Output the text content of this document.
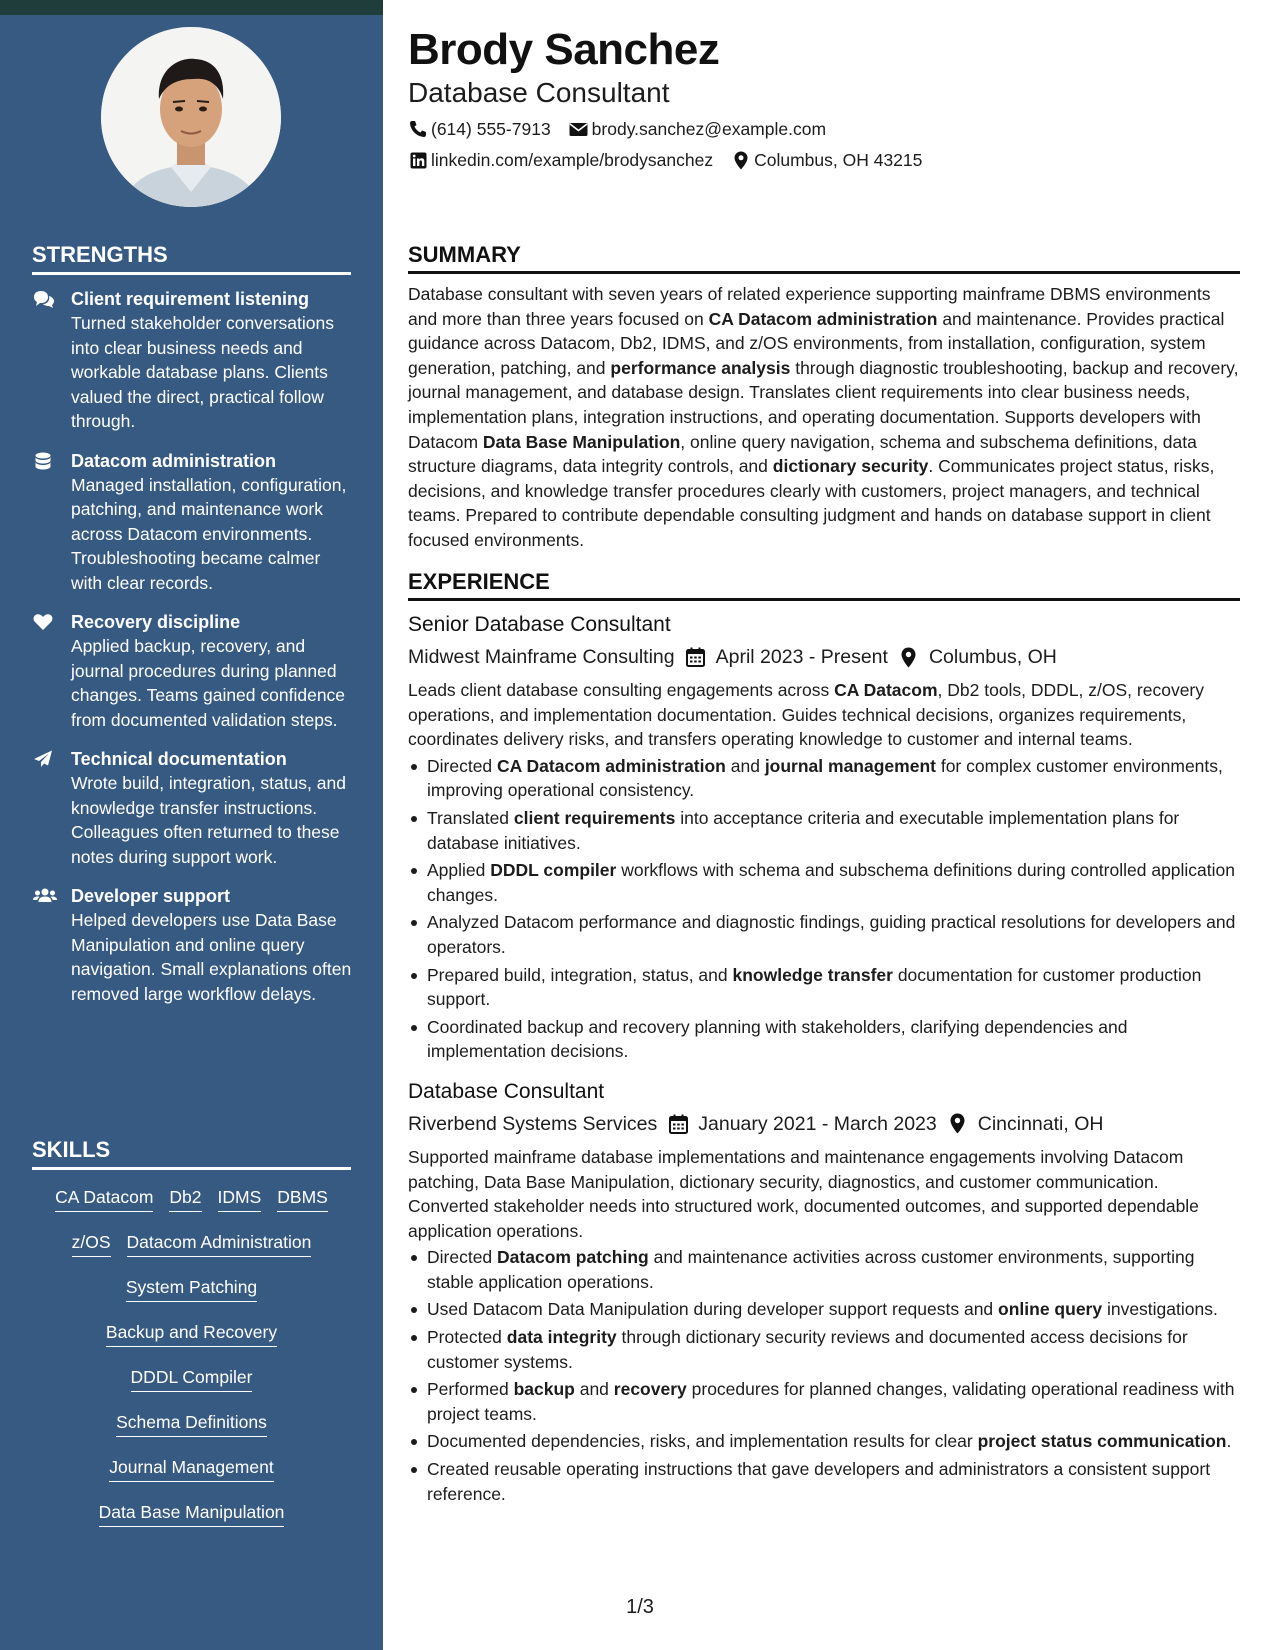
STRENGTHS
Client requirement listening
Turned stakeholder conversations into clear business needs and workable database plans. Clients valued the direct, practical follow through.
Datacom administration
Managed installation, configuration, patching, and maintenance work across Datacom environments. Troubleshooting became calmer with clear records.
Recovery discipline
Applied backup, recovery, and journal procedures during planned changes. Teams gained confidence from documented validation steps.
Technical documentation
Wrote build, integration, status, and knowledge transfer instructions. Colleagues often returned to these notes during support work.
Developer support
Helped developers use Data Base Manipulation and online query navigation. Small explanations often removed large workflow delays.
SKILLS
CA Datacom Db2 IDMS DBMS
z/OS Datacom Administration
System Patching
Backup and Recovery
DDDL Compiler
Schema Definitions
Journal Management
Data Base Manipulation
Brody Sanchez
Database Consultant
(614) 555-7913 brody.sanchez@example.com
linkedin.com/example/brodysanchez Columbus, OH 43215
SUMMARY

Database consultant with seven years of related experience supporting mainframe DBMS environments and more than three years focused on CA Datacom administration and maintenance. Provides practical guidance across Datacom, Db2, IDMS, and z/OS environments, from installation, configuration, system generation, patching, and performance analysis through diagnostic troubleshooting, backup and recovery, journal management, and database design. Translates client requirements into clear business needs, implementation plans, integration instructions, and operating documentation. Supports developers with Datacom Data Base Manipulation, online query navigation, schema and subschema definitions, data structure diagrams, data integrity controls, and dictionary security. Communicates project status, risks, decisions, and knowledge transfer procedures clearly with customers, project managers, and technical teams. Prepared to contribute dependable consulting judgment and hands on database support in client focused environments.

EXPERIENCE
Senior Database Consultant
Midwest Mainframe Consulting April 2023 - Present Columbus, OH

Leads client database consulting engagements across CA Datacom, Db2 tools, DDDL, z/OS, recovery operations, and implementation documentation. Guides technical decisions, organizes requirements, coordinates delivery risks, and transfers operating knowledge to customer and internal teams.

Directed CA Datacom administration and journal management for complex customer environments, improving operational consistency.
Translated client requirements into acceptance criteria and executable implementation plans for database initiatives.
Applied DDDL compiler workflows with schema and subschema definitions during controlled application changes.
Analyzed Datacom performance and diagnostic findings, guiding practical resolutions for developers and operators.
Prepared build, integration, status, and knowledge transfer documentation for customer production support.
Coordinated backup and recovery planning with stakeholders, clarifying dependencies and implementation decisions.
Database Consultant
Riverbend Systems Services January 2021 - March 2023 Cincinnati, OH

Supported mainframe database implementations and maintenance engagements involving Datacom patching, Data Base Manipulation, dictionary security, diagnostics, and customer communication. Converted stakeholder needs into structured work, documented outcomes, and supported dependable application operations.

Directed Datacom patching and maintenance activities across customer environments, supporting stable application operations.
Used Datacom Data Manipulation during developer support requests and online query investigations.
Protected data integrity through dictionary security reviews and documented access decisions for customer systems.
Performed backup and recovery procedures for planned changes, validating operational readiness with project teams.
Documented dependencies, risks, and implementation results for clear project status communication.
Created reusable operating instructions that gave developers and administrators a consistent support reference.
1/3
